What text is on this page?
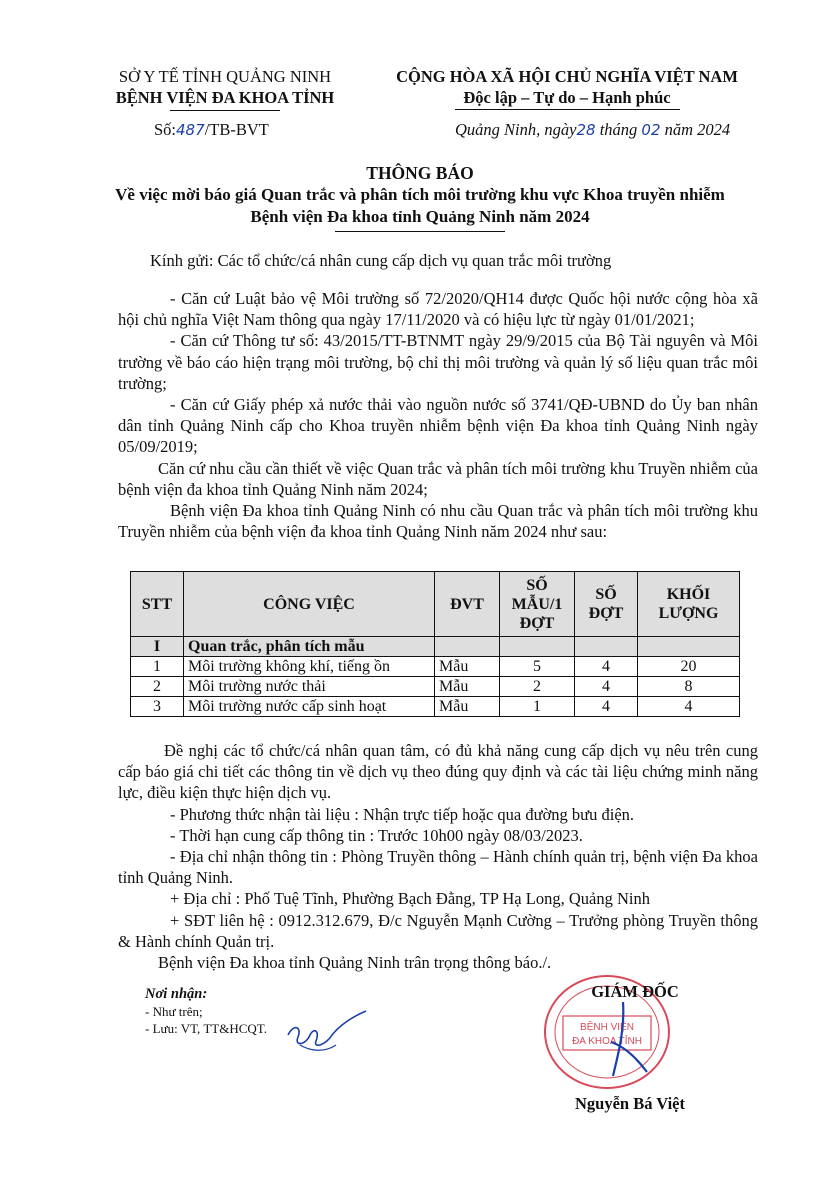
SỞ Y TẾ TỈNH QUẢNG NINH
BỆNH VIỆN ĐA KHOA TỈNH
CỘNG HÒA XÃ HỘI CHỦ NGHĨA VIỆT NAM
Độc lập – Tự do – Hạnh phúc
Số:487/TB-BVT	Quảng Ninh, ngày28 tháng 02 năm 2024
THÔNG BÁO
Về việc mời báo giá Quan trắc và phân tích môi trường khu vực Khoa truyền nhiễm Bệnh viện Đa khoa tỉnh Quảng Ninh năm 2024
Kính gửi: Các tổ chức/cá nhân cung cấp dịch vụ quan trắc môi trường

- Căn cứ Luật bảo vệ Môi trường số 72/2020/QH14 được Quốc hội nước cộng hòa xã hội chủ nghĩa Việt Nam thông qua ngày 17/11/2020 và có hiệu lực từ ngày 01/01/2021;

- Căn cứ Thông tư số: 43/2015/TT-BTNMT ngày 29/9/2015 của Bộ Tài nguyên và Môi trường về báo cáo hiện trạng môi trường, bộ chỉ thị môi trường và quản lý số liệu quan trắc môi trường;

- Căn cứ Giấy phép xả nước thải vào nguồn nước số 3741/QĐ-UBND do Ủy ban nhân dân tỉnh Quảng Ninh cấp cho Khoa truyền nhiễm bệnh viện Đa khoa tỉnh Quảng Ninh ngày 05/09/2019;

Căn cứ nhu cầu cần thiết về việc Quan trắc và phân tích môi trường khu Truyền nhiễm của bệnh viện đa khoa tỉnh Quảng Ninh năm 2024;

Bệnh viện Đa khoa tỉnh Quảng Ninh có nhu cầu Quan trắc và phân tích môi trường khu Truyền nhiễm của bệnh viện đa khoa tỉnh Quảng Ninh năm 2024 như sau:

STT	CÔNG VIỆC	ĐVT	SỐ MẪU/1 ĐỢT	SỐ ĐỢT	KHỐI LƯỢNG
I	Quan trắc, phân tích mẫu				
1	Môi trường không khí, tiếng ồn	Mẫu	5	4	20
2	Môi trường nước thải	Mẫu	2	4	8
3	Môi trường nước cấp sinh hoạt	Mẫu	1	4	4

Đề nghị các tổ chức/cá nhân quan tâm, có đủ khả năng cung cấp dịch vụ nêu trên cung cấp báo giá chi tiết các thông tin về dịch vụ theo đúng quy định và các tài liệu chứng minh năng lực, điều kiện thực hiện dịch vụ.

- Phương thức nhận tài liệu : Nhận trực tiếp hoặc qua đường bưu điện.

- Thời hạn cung cấp thông tin : Trước 10h00 ngày 08/03/2023.

- Địa chỉ nhận thông tin : Phòng Truyền thông – Hành chính quản trị, bệnh viện Đa khoa tỉnh Quảng Ninh.

+ Địa chỉ : Phố Tuệ Tĩnh, Phường Bạch Đằng, TP Hạ Long, Quảng Ninh

+ SĐT liên hệ : 0912.312.679, Đ/c Nguyễn Mạnh Cường – Trưởng phòng Truyền thông & Hành chính Quản trị.

Bệnh viện Đa khoa tỉnh Quảng Ninh trân trọng thông báo./.

Nơi nhận:
- Như trên;
- Lưu: VT, TT&HCQT.	BỆNH VIỆN
ĐA KHOA TỈNH
GIÁM ĐỐC
Nguyễn Bá Việt
